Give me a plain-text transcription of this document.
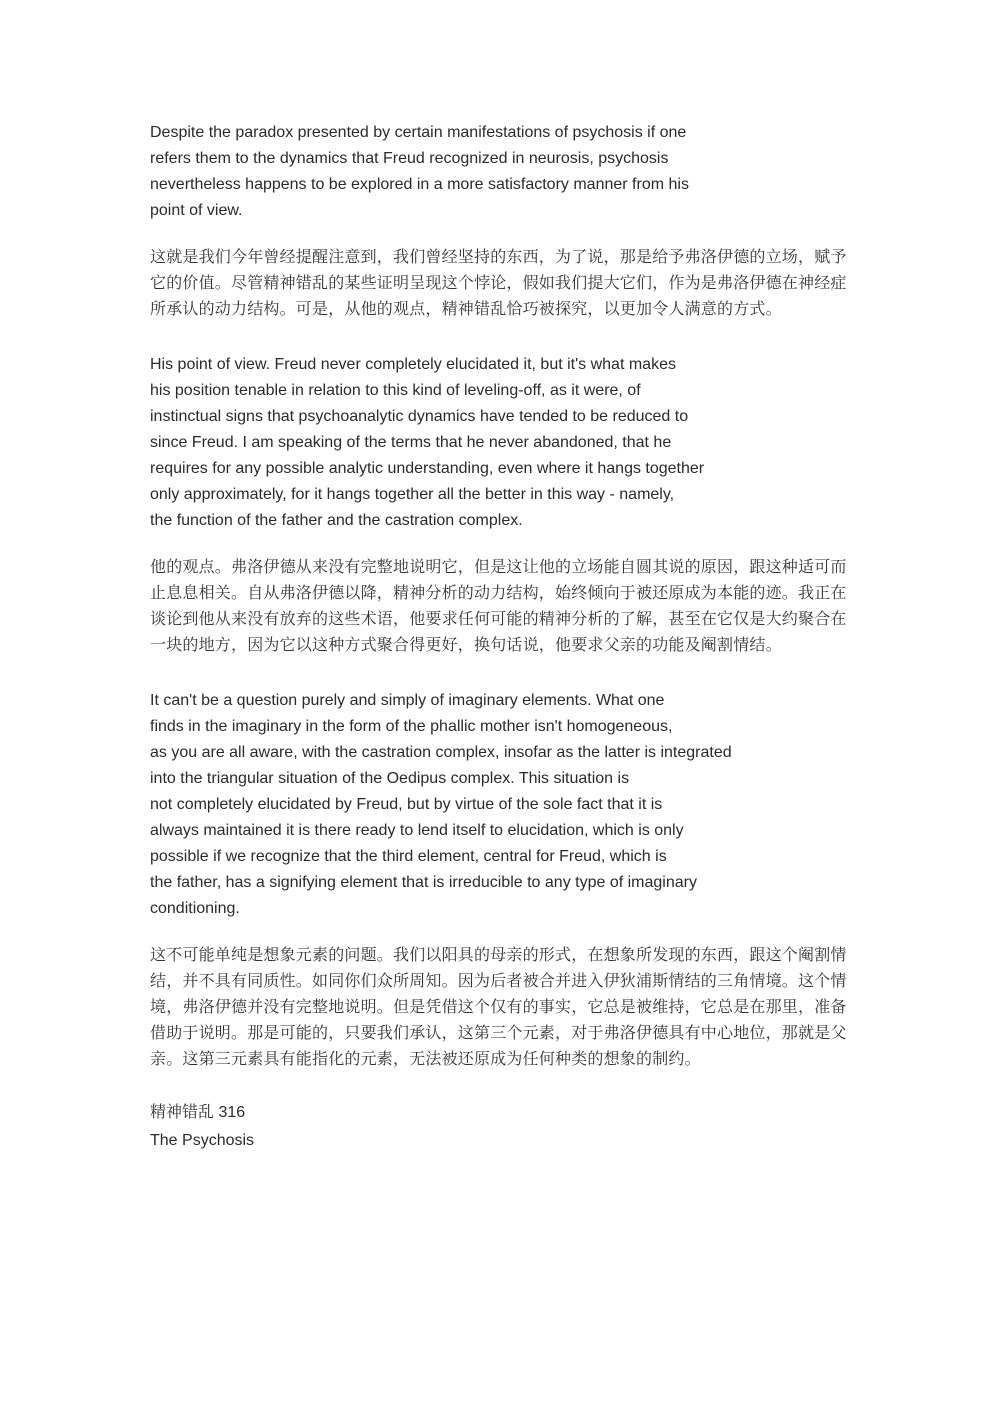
Despite the paradox presented by certain manifestations of psychosis if one
refers them to the dynamics that Freud recognized in neurosis, psychosis
nevertheless happens to be explored in a more satisfactory manner from his
point of view.

这就是我们今年曾经提醒注意到，我们曾经坚持的东西，为了说，那是给予弗洛伊德的立场，赋予它的价值。尽管精神错乱的某些证明呈现这个悖论，假如我们提大它们，作为是弗洛伊德在神经症所承认的动力结构。可是，从他的观点，精神错乱恰巧被探究，以更加令人满意的方式。

His point of view. Freud never completely elucidated it, but it's what makes
his position tenable in relation to this kind of leveling-off, as it were, of
instinctual signs that psychoanalytic dynamics have tended to be reduced to
since Freud. I am speaking of the terms that he never abandoned, that he
requires for any possible analytic understanding, even where it hangs together
only approximately, for it hangs together all the better in this way - namely,
the function of the father and the castration complex.

他的观点。弗洛伊德从来没有完整地说明它，但是这让他的立场能自圆其说的原因，跟这种适可而止息息相关。自从弗洛伊德以降，精神分析的动力结构，始终倾向于被还原成为本能的迹。我正在谈论到他从来没有放弃的这些术语，他要求任何可能的精神分析的了解，甚至在它仅是大约聚合在一块的地方，因为它以这种方式聚合得更好，换句话说，他要求父亲的功能及阉割情结。

It can't be a question purely and simply of imaginary elements. What one
finds in the imaginary in the form of the phallic mother isn't homogeneous,
as you are all aware, with the castration complex, insofar as the latter is integrated
into the triangular situation of the Oedipus complex. This situation is
not completely elucidated by Freud, but by virtue of the sole fact that it is
always maintained it is there ready to lend itself to elucidation, which is only
possible if we recognize that the third element, central for Freud, which is
the father, has a signifying element that is irreducible to any type of imaginary
conditioning.

这不可能单纯是想象元素的问题。我们以阳具的母亲的形式，在想象所发现的东西，跟这个阉割情结，并不具有同质性。如同你们众所周知。因为后者被合并进入伊狄浦斯情结的三角情境。这个情境，弗洛伊德并没有完整地说明。但是凭借这个仅有的事实，它总是被维持，它总是在那里，准备借助于说明。那是可能的，只要我们承认，这第三个元素，对于弗洛伊德具有中心地位，那就是父亲。这第三元素具有能指化的元素，无法被还原成为任何种类的想象的制约。

精神错乱 316

The Psychosis
